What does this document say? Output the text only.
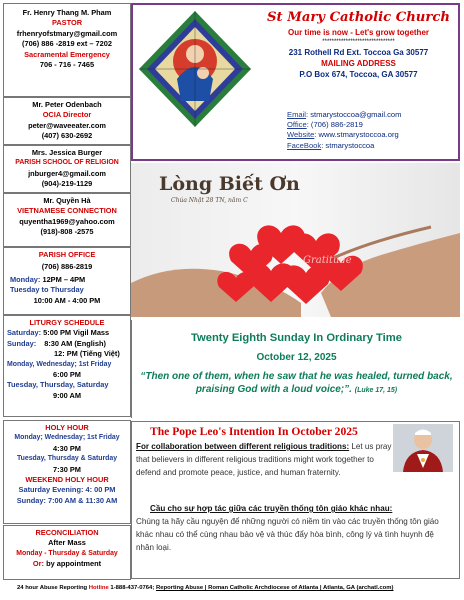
Fr. Henry Thang M. Pham
PASTOR
frhenryofstmary@gmail.com
(706) 886 -2819 ext – 7202
Sacramental Emergency
706 - 716 - 7465
Mr. Peter Odenbach
OCIA Director
peter@waveeater.com
(407) 630-2692
Mrs. Jessica Burger
PARISH SCHOOL OF RELIGION
jnburger4@gmail.com
(904)-219-1129
Mr. Quyền Hà
VIETNAMESE CONNECTION
quyentha1969@yahoo.com
(918)-808 -2575
PARISH OFFICE
(706) 886-2819
Monday: 12PM – 4PM
Tuesday to Thursday
10:00 AM - 4:00 PM
LITURGY SCHEDULE
Saturday: 5:00 PM Vigil Mass
Sunday: 8:30 AM (English)
12: PM (Tiếng Việt)
Monday, Wednesday; 1st Friday
6:00 PM
Tuesday, Thursday, Saturday
9:00 AM
HOLY HOUR
Monday; Wednesday; 1st Friday
4:30 PM
Tuesday, Thursday & Saturday
7:30 PM
WEEKEND HOLY HOUR
Saturday Evening: 4: 00 PM
Sunday: 7:00 AM & 11:30 AM
RECONCILIATION
After Mass
Monday - Thursday & Saturday
Or: by appointment
St Mary Catholic Church
Our time is now - Let's grow together
*******************************
231 Rothell Rd Ext. Toccoa Ga 30577
MAILING ADDRESS
P.O Box 674, Toccoa, GA 30577
Email: stmarystoccoa@gmail.com
Office: (706) 886-2819
Website: www.stmarystoccoa.org
FaceBook: stmarystoccoa
Lòng Biết Ơn
Chúa Nhật 28 TN, năm C
Gratitude
Twenty Eighth Sunday In Ordinary Time
October 12, 2025
“Then one of them, when he saw that he was healed, turned back, praising God with a loud voice;”. (Luke 17, 15)
The Pope Leo's Intention In October 2025
For collaboration between different religious traditions: Let us pray that believers in different religious traditions might work together to defend and promote peace, justice, and human fraternity.
Cầu cho sự hợp tác giữa các truyền thống tôn giáo khác nhau:
Chúng ta hãy cầu nguyện để những người có niềm tin vào các truyền thống tôn giáo khác nhau có thể cùng nhau bảo vệ và thúc đẩy hòa bình, công lý và tình huynh đệ nhân loại.
24 hour Abuse Reporting Hotline 1-888-437-0764; Reporting Abuse | Roman Catholic Archdiocese of Atlanta | Atlanta, GA (archatl.com)
